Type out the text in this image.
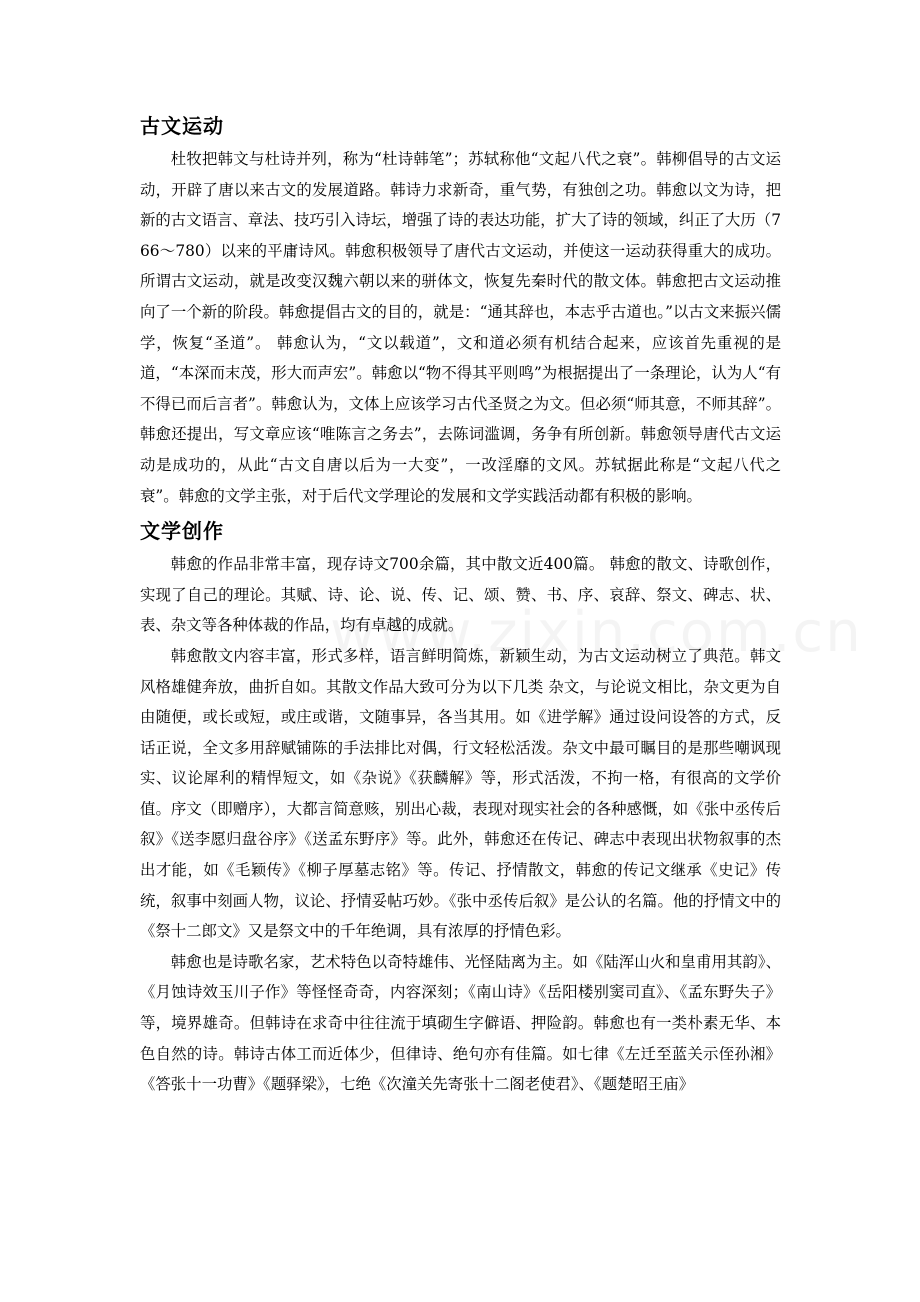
古文运动

杜牧把韩文与杜诗并列，称为“杜诗韩笔”；苏轼称他“文起八代之衰”。韩柳倡导的古文运动，开辟了唐以来古文的发展道路。韩诗力求新奇，重气势，有独创之功。韩愈以文为诗，把新的古文语言、章法、技巧引入诗坛，增强了诗的表达功能，扩大了诗的领域，纠正了大历（766～780）以来的平庸诗风。韩愈积极领导了唐代古文运动，并使这一运动获得重大的成功。所谓古文运动，就是改变汉魏六朝以来的骈体文，恢复先秦时代的散文体。韩愈把古文运动推向了一个新的阶段。韩愈提倡古文的目的，就是：“通其辞也，本志乎古道也。”以古文来振兴儒学，恢复“圣道”。 韩愈认为，“文以载道”，文和道必须有机结合起来，应该首先重视的是道，“本深而末茂，形大而声宏”。韩愈以“物不得其平则鸣”为根据提出了一条理论，认为人“有不得已而后言者”。韩愈认为，文体上应该学习古代圣贤之为文。但必须“师其意，不师其辞”。韩愈还提出，写文章应该“唯陈言之务去”，去陈词滥调，务争有所创新。韩愈领导唐代古文运动是成功的，从此“古文自唐以后为一大变”，一改淫靡的文风。苏轼据此称是“文起八代之衰”。韩愈的文学主张，对于后代文学理论的发展和文学实践活动都有积极的影响。

文学创作

韩愈的作品非常丰富，现存诗文700余篇，其中散文近400篇。 韩愈的散文、诗歌创作，实现了自己的理论。其赋、诗、论、说、传、记、颂、赞、书、序、哀辞、祭文、碑志、状、表、杂文等各种体裁的作品，均有卓越的成就。

韩愈散文内容丰富，形式多样，语言鲜明简炼，新颖生动，为古文运动树立了典范。韩文风格雄健奔放，曲折自如。其散文作品大致可分为以下几类 杂文，与论说文相比，杂文更为自由随便，或长或短，或庄或谐，文随事异，各当其用。如《进学解》通过设问设答的方式，反话正说，全文多用辞赋铺陈的手法排比对偶，行文轻松活泼。杂文中最可瞩目的是那些嘲讽现实、议论犀利的精悍短文，如《杂说》《获麟解》等，形式活泼，不拘一格，有很高的文学价值。序文（即赠序），大都言简意赅，别出心裁，表现对现实社会的各种感慨，如《张中丞传后叙》《送李愿归盘谷序》《送孟东野序》等。此外，韩愈还在传记、碑志中表现出状物叙事的杰出才能，如《毛颖传》《柳子厚墓志铭》等。传记、抒情散文，韩愈的传记文继承《史记》传统，叙事中刻画人物，议论、抒情妥帖巧妙。《张中丞传后叙》是公认的名篇。他的抒情文中的《祭十二郎文》又是祭文中的千年绝调，具有浓厚的抒情色彩。

韩愈也是诗歌名家，艺术特色以奇特雄伟、光怪陆离为主。如《陆浑山火和皇甫用其韵》、《月蚀诗效玉川子作》等怪怪奇奇，内容深刻；《南山诗》《岳阳楼别窦司直》、《孟东野失子》等，境界雄奇。但韩诗在求奇中往往流于填砌生字僻语、押险韵。韩愈也有一类朴素无华、本色自然的诗。韩诗古体工而近体少，但律诗、绝句亦有佳篇。如七律《左迁至蓝关示侄孙湘》《答张十一功曹》《题驿梁》，七绝《次潼关先寄张十二阁老使君》、《题楚昭王庙》
